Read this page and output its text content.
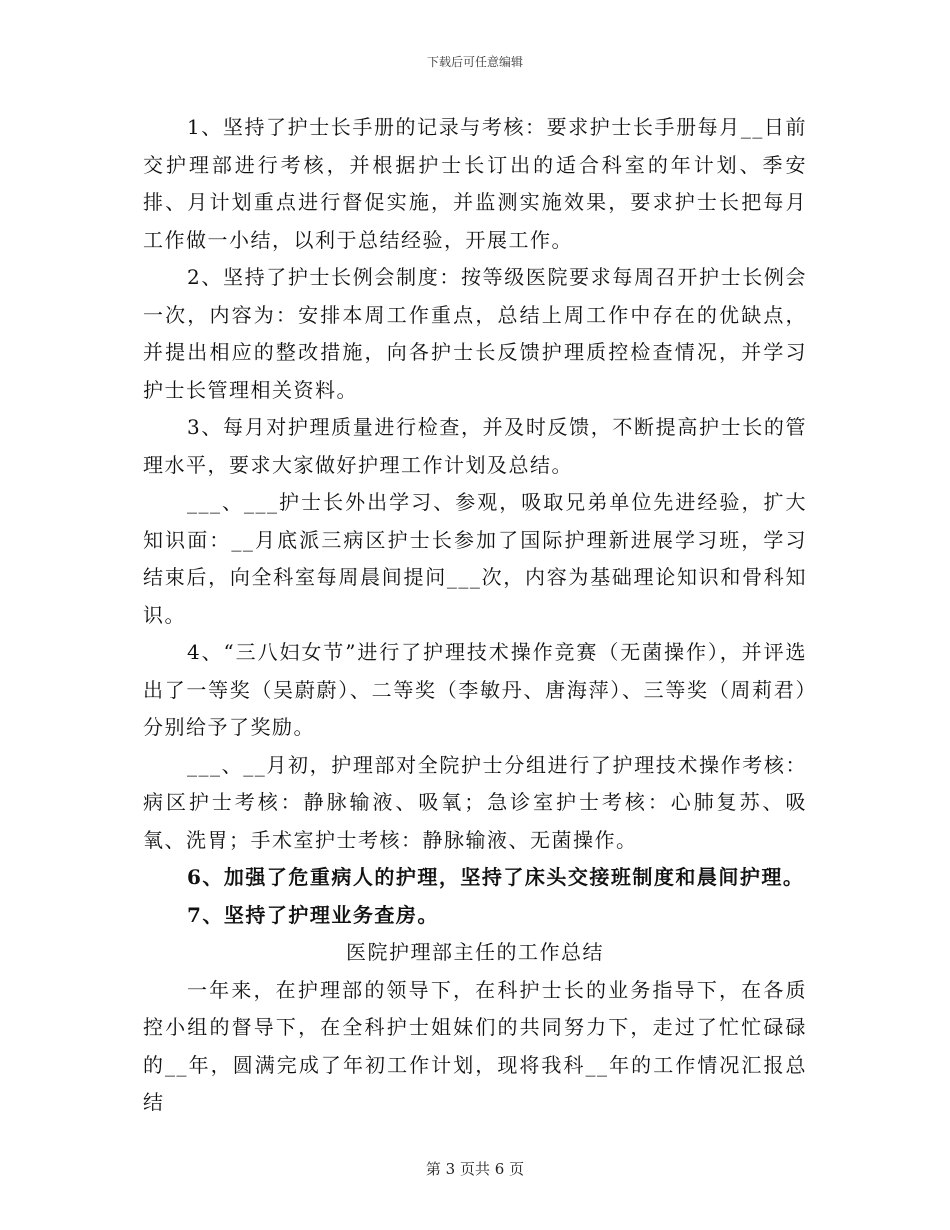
下载后可任意编辑

1、坚持了护士长手册的记录与考核：要求护士长手册每月__日前交护理部进行考核，并根据护士长订出的适合科室的年计划、季安排、月计划重点进行督促实施，并监测实施效果，要求护士长把每月工作做一小结，以利于总结经验，开展工作。

2、坚持了护士长例会制度：按等级医院要求每周召开护士长例会一次，内容为：安排本周工作重点，总结上周工作中存在的优缺点，并提出相应的整改措施，向各护士长反馈护理质控检查情况，并学习护士长管理相关资料。

3、每月对护理质量进行检查，并及时反馈，不断提高护士长的管理水平，要求大家做好护理工作计划及总结。

___、___护士长外出学习、参观，吸取兄弟单位先进经验，扩大知识面：__月底派三病区护士长参加了国际护理新进展学习班，学习结束后，向全科室每周晨间提问___次，内容为基础理论知识和骨科知识。

4、“三八妇女节”进行了护理技术操作竞赛（无菌操作），并评选出了一等奖（吴蔚蔚）、二等奖（李敏丹、唐海萍）、三等奖（周莉君）分别给予了奖励。

___、__月初，护理部对全院护士分组进行了护理技术操作考核：病区护士考核：静脉输液、吸氧；急诊室护士考核：心肺复苏、吸氧、洗胃；手术室护士考核：静脉输液、无菌操作。

6、加强了危重病人的护理，坚持了床头交接班制度和晨间护理。

7、坚持了护理业务查房。

医院护理部主任的工作总结

一年来，在护理部的领导下，在科护士长的业务指导下，在各质控小组的督导下，在全科护士姐妹们的共同努力下，走过了忙忙碌碌的__年，圆满完成了年初工作计划，现将我科__年的工作情况汇报总结

第 3 页共 6 页
